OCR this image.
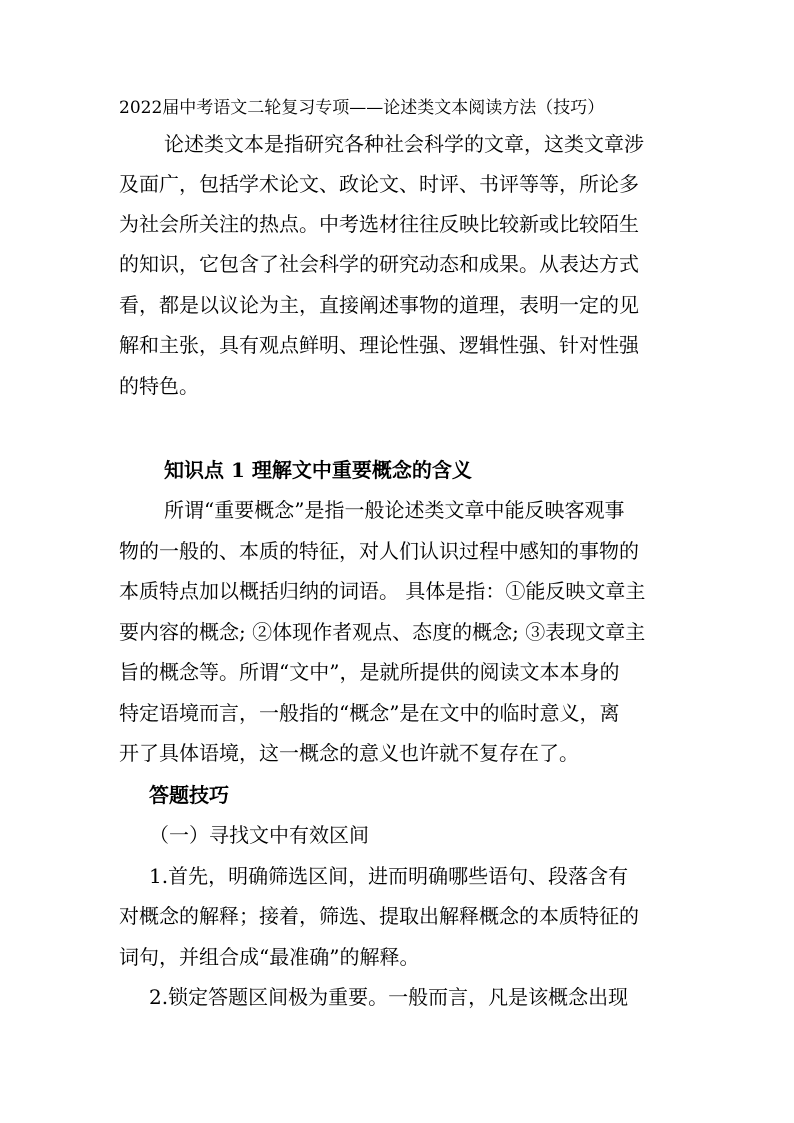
2022届中考语文二轮复习专项——论述类文本阅读方法（技巧）
论述类文本是指研究各种社会科学的文章，这类文章涉
及面广，包括学术论文、政论文、时评、书评等等，所论多
为社会所关注的热点。中考选材往往反映比较新或比较陌生
的知识，它包含了社会科学的研究动态和成果。从表达方式
看，都是以议论为主，直接阐述事物的道理，表明一定的见
解和主张，具有观点鲜明、理论性强、逻辑性强、针对性强
的特色。
知识点 1 理解文中重要概念的含义
所谓“重要概念”是指一般论述类文章中能反映客观事
物的一般的、本质的特征，对人们认识过程中感知的事物的
本质特点加以概括归纳的词语。 具体是指：①能反映文章主
要内容的概念; ②体现作者观点、态度的概念; ③表现文章主
旨的概念等。所谓“文中”，是就所提供的阅读文本本身的
特定语境而言，一般指的“概念”是在文中的临时意义，离
开了具体语境，这一概念的意义也许就不复存在了。
答题技巧
（一）寻找文中有效区间
1.首先，明确筛选区间，进而明确哪些语句、段落含有
对概念的解释；接着，筛选、提取出解释概念的本质特征的
词句，并组合成“最准确”的解释。
2.锁定答题区间极为重要。一般而言，凡是该概念出现
